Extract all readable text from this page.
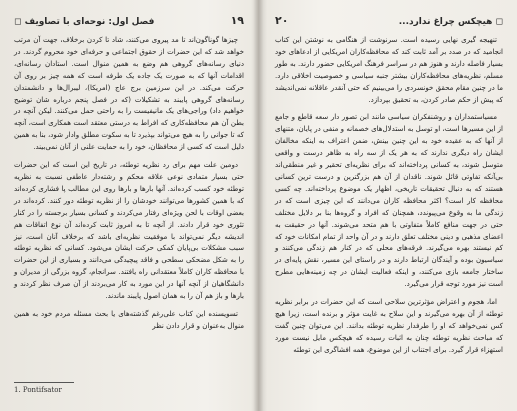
۱۹
فصل اول: نوحه‌ای با تصاویف ◻

چیزها گوناگون‌اند تا مد پیروی می‌کنند، شاد تا کردن برخلاف، جهت آن مرتب خواهد شد که این حضرات از حقوق اجتماعی و حرفه‌ای خود محروم گردند. در دنیای رسانه‌های گروهی هم وضع به همین منوال است. استادان رسانه‌ای، اقدامات آنها که به صورت یک جاده یک طرفه است که همه چیز بر روی آن حرکت می‌کند. در این سرزمین برج عاج (امریکا)، لیبرال‌ها و دانشمندان رسانه‌های گروهی پایبند به تشکیلات (که در فصل پنجم درباره شان توضیح خواهیم داد) وراجی‌های یک مانیفیست را به راحتی حمل می‌کنند. لیکن آنچه در بطن آن هم محافظه‌کاری که افراط به درستی معتقد است همکاری است، آنچه که تا جوانی را به هیچ می‌تواند بپذیرد تا به سکوت مطلق وادار شود، بنا به همین دلیل است که کسی از محافظان، خود را به حمایت علنی از آنان نمی‌بیند.

دومین علت مهم برای رد نظریه توطئه، در تاریخ این است که این حضرات حتی بسیار متمادی نوعی علاقه محکم و رشته‌دار عاطفی نسبت به نظریه توطئه خود کسب کرده‌اند. آنها بارها و بارها روی این مطالب پا فشاری کرده‌اند که با همین کشورها می‌توانند خودشان را از نظریه توطئه دور کنند. کرده‌اند در بعضی اوقات با لحن ویژه‌ای رفتار می‌کردند و کسانی بسیار برجسته را در کنار تئوری خود قرار دادند. از آنچه تا به امروز ثابت کرده‌اند آن نوع اتفاقات هم اندیشه دیگر نمی‌تواند با موفقیت نظریه‌ای باشد که برخلاف آنان است، نیز سبب مشکلات بی‌پایان کمکی حرکت ایشان می‌شود. کسانی که نظریه توطئه را به شکل مضحکی سطحی و فاقد پیچیدگی می‌دانند و بسیاری از این حضرات با محافظه کاران کاملاً معتقدانی راه یافتند. سرانجام، گروه بزرگی از مدیران و دانشگاهیان از آنچه آنها در این مورد به کار می‌بردند از آن صرف نظر کردند و بارها و باز هم آن را به همان اصول پایبند ماندند.

تسویسنده این کتاب علی‌رغم گذشته‌های یا بحث مسئله مردم خود به همین منوال به‌عنوان و قرار دادن نظر

1. Pontifsator
◻ هیچکس چراغ ندارد...
۲۰

تنهیجه گیری نهایی رسیده است. سرنوشت از هنگامی به نوشتن این کتاب انجامید که در صدد بر آمد ثابت کند که محافظه‌کاران امریکایی از ادعاهای خود بسیار فاصله دارند و هنوز هم در سراسر فرهنگ امریکایی حضور دارند. به طور مسلم، نظریه‌های محافظه‌کاران بیشتر جنبه سیاسی و خصوصیت اخلاقی دارد. ما در چنین مقام محقق خونسردی را می‌بینیم که حتی آنقدر عاقلانه نمی‌اندیشد که پیش از حکم صادر کردن، به تحقیق بپردازد.

مسیاستمداران و روشنفکران سیاسی مانند ابن تصور دار سعه قاطع و جامع از این مسیرها است، او توسل به استدلال‌های خصمانه و منفی در پایان، متنهای از آنها که به عقیده خود به این چنین بینش، ضمن اعتراف به اینکه مخالفان ایشان راه دیگری ندارند که به هر یک از سه راه به ظاهر درست و واقعی متوسل شوند، به کسانی پرداخته‌اند که برای نظریه‌ای تحقیر و غیر منطقی‌اند بی‌آنکه تفاوتی قائل شوند. ناقدان از آن هم بزرگترین و درست ترین کسانی هستند که به دنبال تحقیقات تاریخی، اظهار یک موضوع پرداخته‌اند. چه کسی محافظه کار است؟ اکثر محافظه کاران می‌دانند که این چیزی است که در زندگی ما به وقوع می‌پیوندد، همچنان که افراد و گروه‌ها بنا بر دلایل مختلف حتی در جهت منافع کاملاً متفاوتی با هم متحد می‌شوند. آنها در حقیقت به اعضای مذهبی و دینی مختلف تعلق دارند و در آن واحد از تمام امکانات خود که کم نیستند بهره می‌گیرند. فرقه‌های محلی که در کنار هم زندگی می‌کنند و سیاسیون بوده و آیندگان ارتباط دارند و در راستای این مسیر، نقش پایه‌ای در ساختار جامعه بازی می‌کنند، و اینکه فعالیت ایشان در چه زمینه‌هایی مطرح است نیز مورد توجه قرار می‌گیرد.

اما، هجوم و اعتراض مؤثرترین سلاحی است که این حضرات در برابر نظریه توطئه از آن بهره می‌گیرند و این سلاح به غایت مؤثر و برنده است، زیرا هیچ کس نمی‌خواهد که او را طرفدار نظریه توطئه بدانند. این می‌توان چنین گفت که مباحث نظریه توطئه چنان به اثبات رسیده که هیچکس مایل نیست مورد استهزاء قرار گیرد. برای اجتناب از این موضوع، همه افشاگری این توطئه
